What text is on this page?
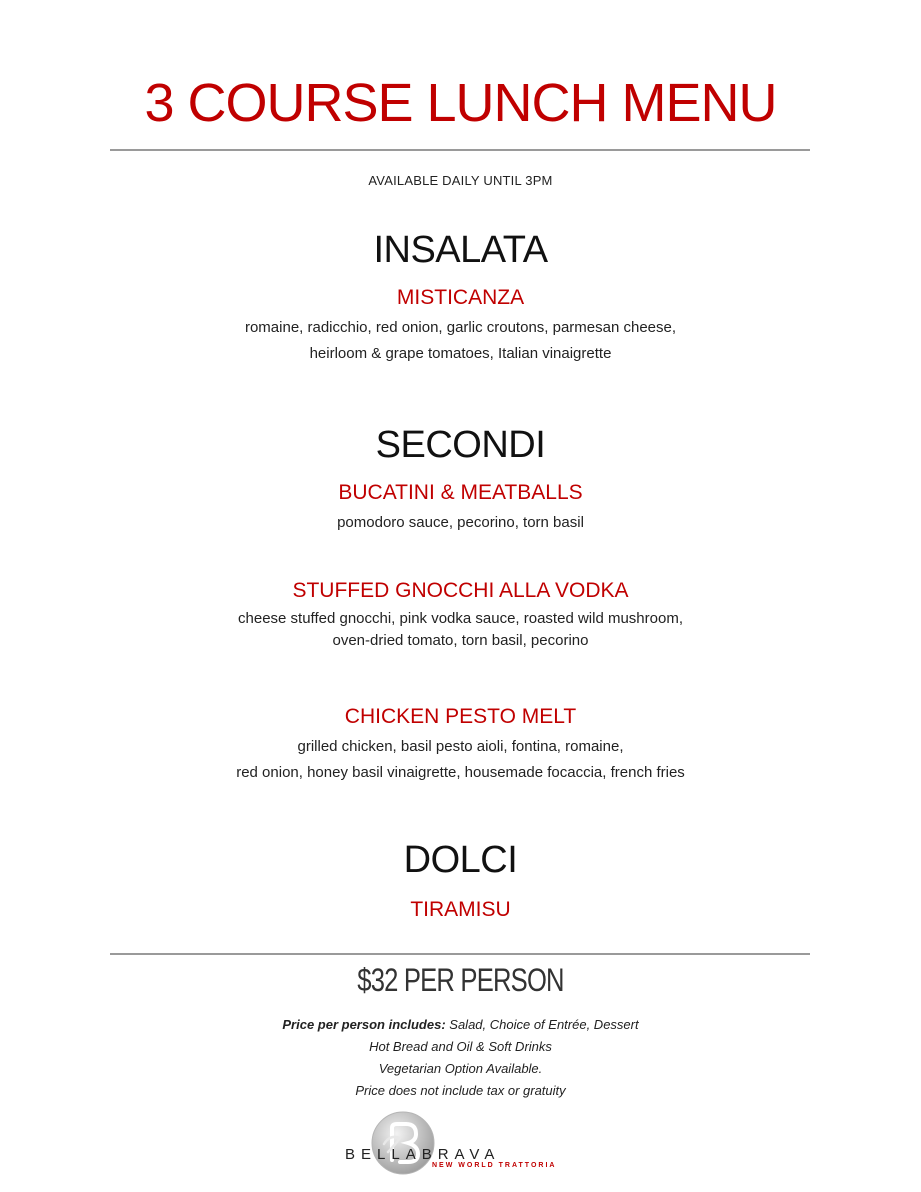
3 COURSE LUNCH MENU
AVAILABLE DAILY UNTIL 3PM
INSALATA
MISTICANZA
romaine, radicchio, red onion, garlic croutons, parmesan cheese,
heirloom & grape tomatoes, Italian vinaigrette
SECONDI
BUCATINI & MEATBALLS
pomodoro sauce, pecorino, torn basil
STUFFED GNOCCHI ALLA VODKA
cheese stuffed gnocchi, pink vodka sauce, roasted wild mushroom,
oven-dried tomato, torn basil, pecorino
CHICKEN PESTO MELT
grilled chicken, basil pesto aioli, fontina, romaine,
red onion, honey basil vinaigrette, housemade focaccia, french fries
DOLCI
TIRAMISU
$32 PER PERSON
Price per person includes: Salad, Choice of Entrée, Dessert
Hot Bread and Oil & Soft Drinks
Vegetarian Option Available.
Price does not include tax or gratuity
BELLABRAVA
NEW WORLD TRATTORIA
